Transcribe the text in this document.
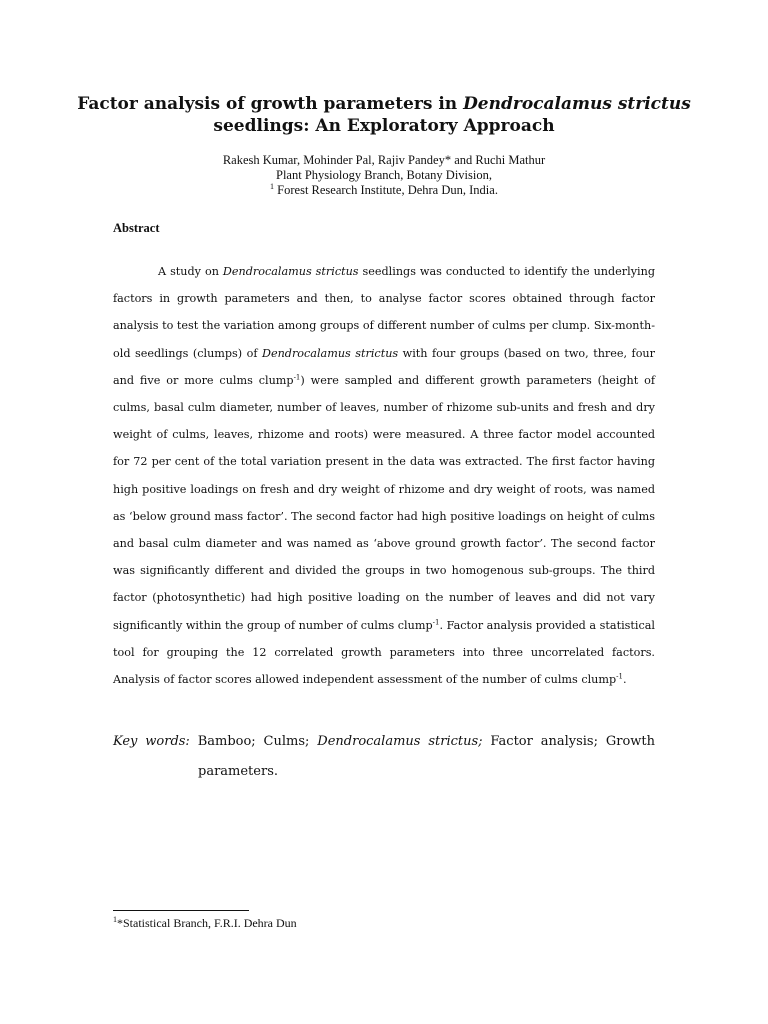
Factor analysis of growth parameters in Dendrocalamus strictus seedlings: An Exploratory Approach
Rakesh Kumar, Mohinder Pal, Rajiv Pandey* and Ruchi Mathur
Plant Physiology Branch, Botany Division,
$^1$ Forest Research Institute, Dehra Dun, India.
Abstract

A study on Dendrocalamus strictus seedlings was conducted to identify the underlying factors in growth parameters and then, to analyse factor scores obtained through factor analysis to test the variation among groups of different number of culms per clump. Six-month-old seedlings (clumps) of Dendrocalamus strictus with four groups (based on two, three, four and five or more culms clump$^{-1}$) were sampled and different growth parameters (height of culms, basal culm diameter, number of leaves, number of rhizome sub-units and fresh and dry weight of culms, leaves, rhizome and roots) were measured. A three factor model accounted for 72 per cent of the total variation present in the data was extracted. The first factor having high positive loadings on fresh and dry weight of rhizome and dry weight of roots, was named as ‘below ground mass factor’. The second factor had high positive loadings on height of culms and basal culm diameter and was named as ‘above ground growth factor’. The second factor was significantly different and divided the groups in two homogenous sub-groups. The third factor (photosynthetic) had high positive loading on the number of leaves and did not vary significantly within the group of number of culms clump$^{-1}$. Factor analysis provided a statistical tool for grouping the 12 correlated growth parameters into three uncorrelated factors. Analysis of factor scores allowed independent assessment of the number of culms clump$^{-1}$.

Key words: Bamboo; Culms; Dendrocalamus strictus; Factor analysis; Growth parameters.
$^1$*Statistical Branch, F.R.I. Dehra Dun
